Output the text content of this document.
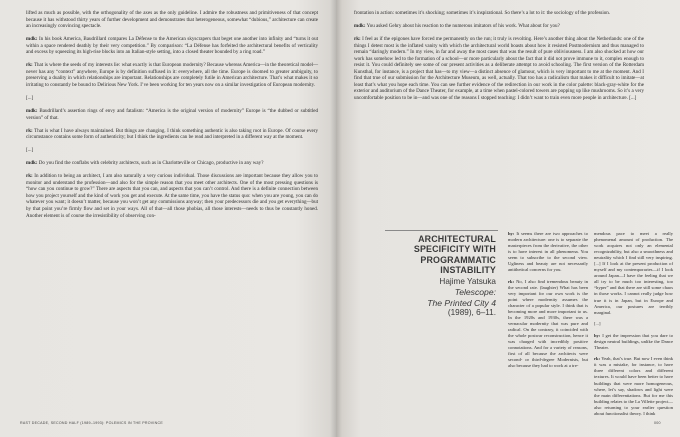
lifted as much as possible, with the orthogonality of the axes as the only guideline. I admire the robustness and primitiveness of that concept because it has withstood thirty years of further development and demonstrates that heterogeneous, somewhat “dubious,” architecture can create an increasingly convincing spectacle.

mdk: In his book America, Baudrillard compares La Défense to the American skyscrapers that beget one another into infinity and “turns it out within a space rendered deathly by their very competition.” By comparison: “La Défense has forfeited the architectural benefits of verticality and excess by squeezing its high-rise blocks into an Italian-style setting, into a closed theater bounded by a ring road.”

rk: That is where the seeds of my interests lie: what exactly is that European modernity? Because whereas America—in the theoretical model—never has any “context” anywhere, Europe is by definition suffused in it: everywhere, all the time. Europe is doomed to greater ambiguity, to preserving a duality in which relationships are important. Relationships are completely futile in American architecture. That’s what makes it so irritating to constantly be bound to Delirious New York. I’ve been working for ten years now on a similar investigation of European modernity.

[...]

mdk: Baudrillard’s assertion rings of envy and fatalism: “America is the original version of modernity” Europe is “the dubbed or subtitled version” of that.

rk: That is what I have always maintained. But things are changing. I think something authentic is also taking root in Europe. Of course every circumstance contains some form of authenticity; but I think the ingredients can be read and interpreted in a different way at the moment.

[...]

mdk: Do you find the conflabs with celebrity architects, such as in Charlotteville or Chicago, productive in any way?

rk: In addition to being an architect, I am also naturally a very curious individual. Those discussions are important because they allow you to monitor and understand the profession—and also for the simple reason that you meet other architects. One of the most pressing questions is “how can you continue to grow?” There are aspects that you can, and aspects that you can’t control. And there is a definite connection between how you project yourself and the kind of work you get and execute. At the same time, you have the status quo: when you are young, you can do whatever you want; it doesn’t matter, because you won’t get any commissions anyway; then your predecessors die and you get everything—but by that point you’re firmly flow and set in your ways. All of that—all those phobias, all those interests—needs to thus be constantly honed. Another element is of course the irresistibility of observing con-

RAST DECADE, SECOND HALF (1989–1993): POLEMICS IN THE PROVINCE

frontation in action: sometimes it’s shocking; sometimes it’s inspirational. So there’s a lot to it: the sociology of the profession.

mdk: You asked Gehry about his reaction to the numerous imitators of his work. What about for you?

rk: I feel as if the epigones have forced me permanently on the run; it truly is revolting. Here’s another thing about the Netherlands: one of the things I detest most is the inflated vanity with which the architectural world boasts about how it resisted Postmodernism and thus managed to remain “daringly modern.” In my view, in far and away the most cases that was the result of pure obliviousness. I am also shocked at how our work has somehow led to the formation of a school—or more particularly about the fact that it did not prove immune to it, complex enough to resist it. You could definitely see some of our present activities as a deliberate attempt to avoid schooling. The first version of the Rotterdam Kunsthal, for instance, is a project that has—to my view—a distinct absence of glamour, which is very important to me at the moment. And I find that true of our submission for the Architecture Museum, as well, actually. That too has a radicalism that makes it difficult to imitate—at least that’s what you hope each time. You can see further evidence of the redirection in our work in the color palette: black-gray-white for the exterior and auditorium of the Dance Theater, for example, at a time when pastel-colored towers are popping up like mushrooms. So it’s a very uncomfortable position to be in—and was one of the reasons I stopped teaching: I didn’t want to train even more people in architecture. [...]

000
ARCHITECTURAL
SPECIFICITY WITH
PROGRAMMATIC
INSTABILITY
Hajime Yatsuka
Telescope:
The Printed City 4
(1989), 6–11.

hy: It seems there are two approaches to modern architecture: one is to separate the masterpieces from the derivative, the other is to have interest in all phenomena. You seem to subscribe to the second view. Ugliness and beauty are not necessarily antithetical concerns for you.

rk: No, I also find tremendous beauty in the second rate. (laughter) What has been very important for our own work is the point where modernity assumes the character of a popular style. I think that is becoming more and more important to us. In the 1920s and 1930s, there was a vernacular modernity that was pure and radical. On the contrary, it coincided with the whole postwar reconstruction, hence it was charged with incredibly positive connotations. And for a variety of reasons, first of all because the architects were second- or third-degree Modernists, but also because they had to work at a tre-

mendous pace to meet a really phenomenal amount of production. The work acquires not only an elemental recognizability, but also a smoothness and neutrality which I find still very inspiring. [...] If I look at the present production of myself and my contemporaries—if I look around Japan—I have the feeling that we all try to be much too interesting, too “hyper” and that there are still some chaos in those works. I cannot really judge how true it is in Japan, but in Europe and America, our postures are terribly marginal.

[...]

hy: I get the impression that you dare to design neutral buildings, unlike the Dance Theater.

rk: Yeah, that’s true. But now I even think it was a mistake, for instance, to have three different colors and different textures. It would have been better to have buildings that were more homogeneous, where, let’s say, shadows and light were the main differentiations. But for me this building relates to the La Villette project—also returning to your earlier question about functionalist theory. I think
